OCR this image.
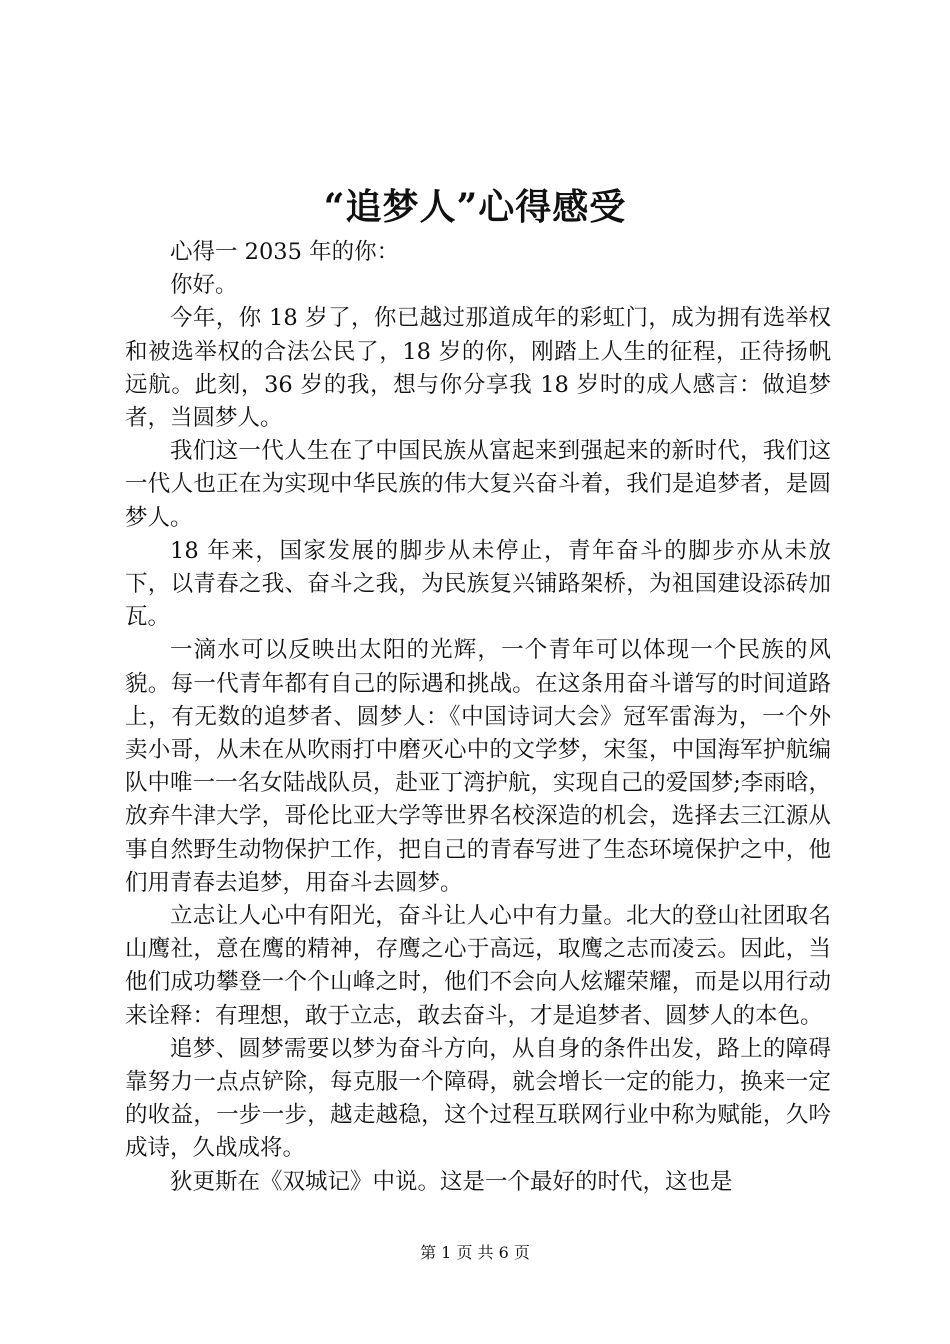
“追梦人”心得感受

心得一 2035 年的你：

你好。

今年，你 18 岁了，你已越过那道成年的彩虹门，成为拥有选举权和被选举权的合法公民了，18 岁的你，刚踏上人生的征程，正待扬帆远航。此刻，36 岁的我，想与你分享我 18 岁时的成人感言：做追梦者，当圆梦人。

我们这一代人生在了中国民族从富起来到强起来的新时代，我们这一代人也正在为实现中华民族的伟大复兴奋斗着，我们是追梦者，是圆梦人。

18 年来，国家发展的脚步从未停止，青年奋斗的脚步亦从未放下，以青春之我、奋斗之我，为民族复兴铺路架桥，为祖国建设添砖加瓦。

一滴水可以反映出太阳的光辉，一个青年可以体现一个民族的风貌。每一代青年都有自己的际遇和挑战。在这条用奋斗谱写的时间道路上，有无数的追梦者、圆梦人：《中国诗词大会》冠军雷海为，一个外卖小哥，从未在从吹雨打中磨灭心中的文学梦，宋玺，中国海军护航编队中唯一一名女陆战队员，赴亚丁湾护航，实现自己的爱国梦;李雨晗，放弃牛津大学，哥伦比亚大学等世界名校深造的机会，选择去三江源从事自然野生动物保护工作，把自己的青春写进了生态环境保护之中，他们用青春去追梦，用奋斗去圆梦。

立志让人心中有阳光，奋斗让人心中有力量。北大的登山社团取名山鹰社，意在鹰的精神，存鹰之心于高远，取鹰之志而凌云。因此，当他们成功攀登一个个山峰之时，他们不会向人炫耀荣耀，而是以用行动来诠释：有理想，敢于立志，敢去奋斗，才是追梦者、圆梦人的本色。

追梦、圆梦需要以梦为奋斗方向，从自身的条件出发，路上的障碍靠努力一点点铲除，每克服一个障碍，就会增长一定的能力，换来一定的收益，一步一步，越走越稳，这个过程互联网行业中称为赋能，久吟成诗，久战成将。

狄更斯在《双城记》中说。这是一个最好的时代，这也是

第 1 页 共 6 页
